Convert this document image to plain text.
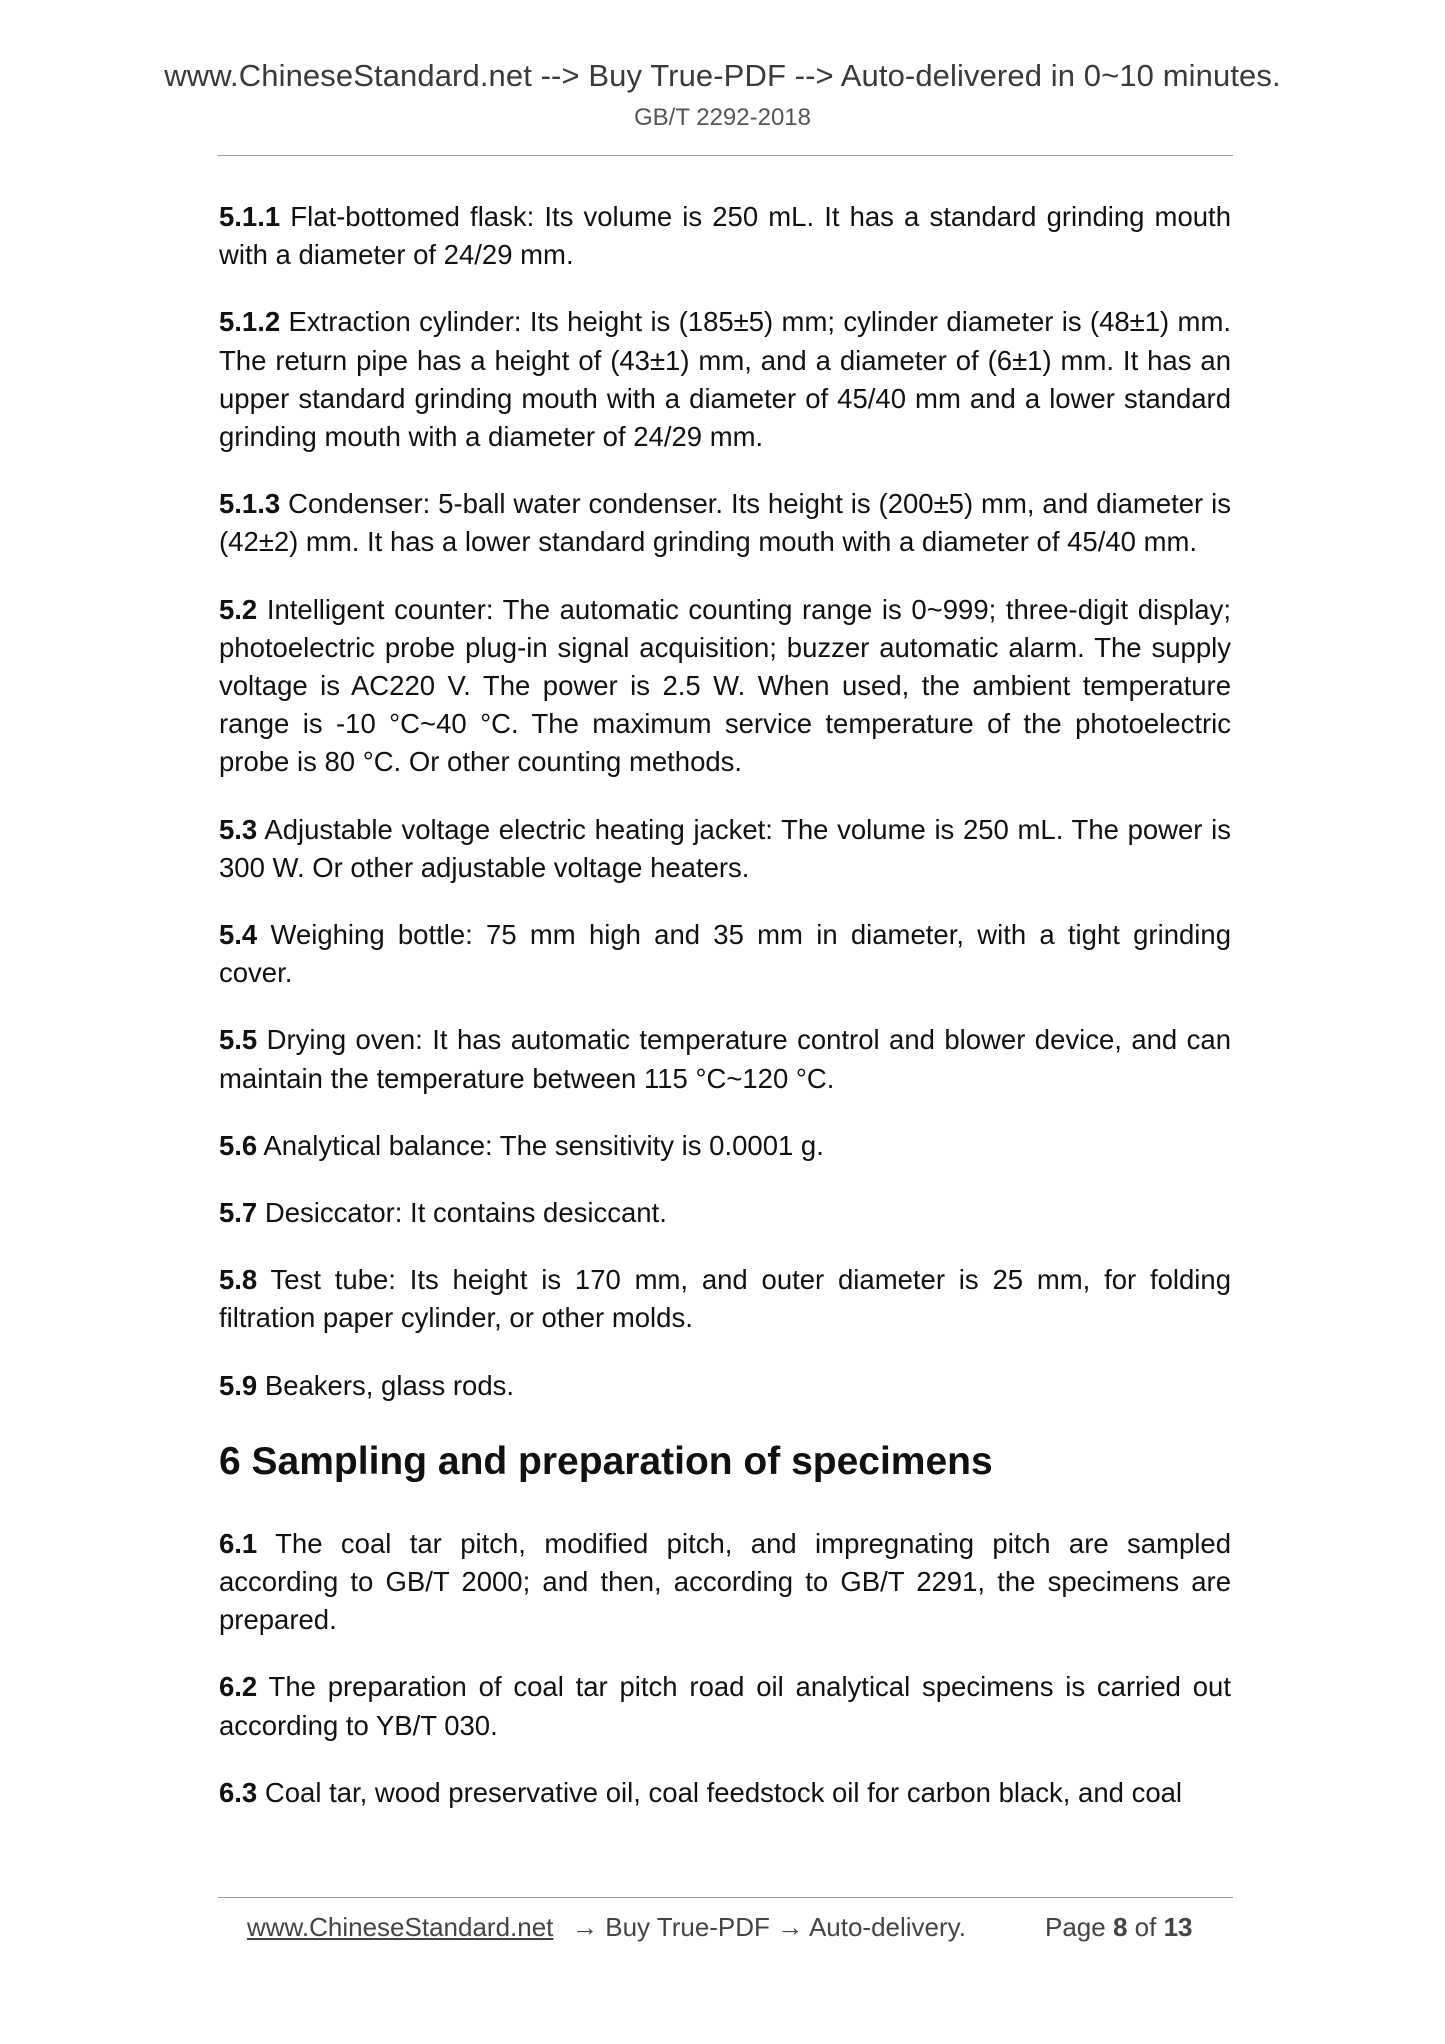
www.ChineseStandard.net --> Buy True-PDF --> Auto-delivered in 0~10 minutes.
GB/T 2292-2018

5.1.1 Flat-bottomed flask: Its volume is 250 mL. It has a standard grinding mouth with a diameter of 24/29 mm.

5.1.2 Extraction cylinder: Its height is (185±5) mm; cylinder diameter is (48±1) mm. The return pipe has a height of (43±1) mm, and a diameter of (6±1) mm. It has an upper standard grinding mouth with a diameter of 45/40 mm and a lower standard grinding mouth with a diameter of 24/29 mm.

5.1.3 Condenser: 5-ball water condenser. Its height is (200±5) mm, and diameter is (42±2) mm. It has a lower standard grinding mouth with a diameter of 45/40 mm.

5.2 Intelligent counter: The automatic counting range is 0~999; three-digit display; photoelectric probe plug-in signal acquisition; buzzer automatic alarm. The supply voltage is AC220 V. The power is 2.5 W. When used, the ambient temperature range is -10 °C~40 °C. The maximum service temperature of the photoelectric probe is 80 °C. Or other counting methods.

5.3 Adjustable voltage electric heating jacket: The volume is 250 mL. The power is 300 W. Or other adjustable voltage heaters.

5.4 Weighing bottle: 75 mm high and 35 mm in diameter, with a tight grinding cover.

5.5 Drying oven: It has automatic temperature control and blower device, and can maintain the temperature between 115 °C~120 °C.

5.6 Analytical balance: The sensitivity is 0.0001 g.

5.7 Desiccator: It contains desiccant.

5.8 Test tube: Its height is 170 mm, and outer diameter is 25 mm, for folding filtration paper cylinder, or other molds.

5.9 Beakers, glass rods.

6 Sampling and preparation of specimens

6.1 The coal tar pitch, modified pitch, and impregnating pitch are sampled according to GB/T 2000; and then, according to GB/T 2291, the specimens are prepared.

6.2 The preparation of coal tar pitch road oil analytical specimens is carried out according to YB/T 030.

6.3 Coal tar, wood preservative oil, coal feedstock oil for carbon black, and coal

www.ChineseStandard.net → Buy True-PDF → Auto-delivery.	Page 8 of 13
